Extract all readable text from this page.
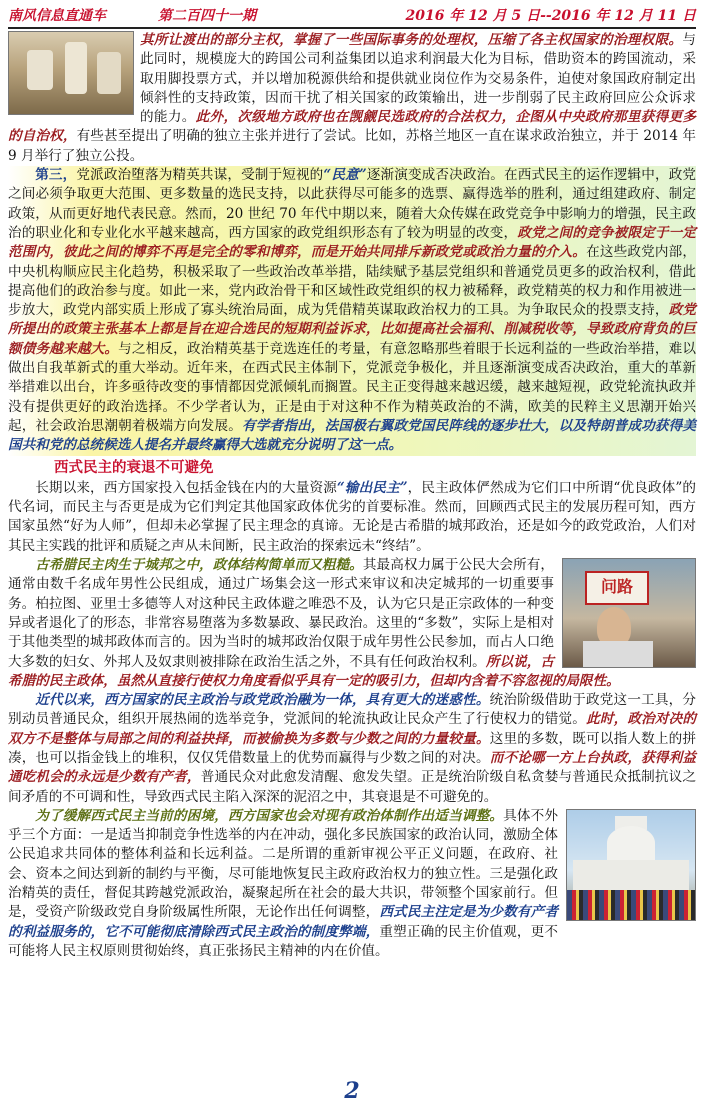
南风信息直通车	第二百四十一期	2016 年 12 月 5 日--2016 年 12 月 11 日

其所让渡出的部分主权，掌握了一些国际事务的处理权，压缩了各主权国家的治理权限。与此同时，规模庞大的跨国公司利益集团以追求利润最大化为目标，借助资本的跨国流动，采取用脚投票方式，并以增加税源供给和提供就业岗位作为交易条件，迫使对象国政府制定出倾斜性的支持政策，因而干扰了相关国家的政策输出，进一步削弱了民主政府回应公众诉求的能力。此外，次级地方政府也在觊觎民选政府的合法权力，企图从中央政府那里获得更多的自治权，有些甚至提出了明确的独立主张并进行了尝试。比如，苏格兰地区一直在谋求政治独立，并于 2014 年 9 月举行了独立公投。

第三，党派政治堕落为精英共谋，受制于短视的“民意”逐渐演变成否决政治。在西式民主的运作逻辑中，政党之间必须争取更大范围、更多数量的选民支持，以此获得尽可能多的选票、赢得选举的胜利，通过组建政府、制定政策，从而更好地代表民意。然而，20 世纪 70 年代中期以来，随着大众传媒在政党竞争中影响力的增强，民主政治的职业化和专业化水平越来越高，西方国家的政党组织形态有了较为明显的改变，政党之间的竞争被限定于一定范围内，彼此之间的博弈不再是完全的零和博弈，而是开始共同排斥新政党或政治力量的介入。在这些政党内部，中央机构顺应民主化趋势，积极采取了一些政治改革举措，陆续赋予基层党组织和普通党员更多的政治权利，借此提高他们的政治参与度。如此一来，党内政治骨干和区域性政党组织的权力被稀释，政党精英的权力和作用被进一步放大，政党内部实质上形成了寡头统治局面，成为凭借精英谋取政治权力的工具。为争取民众的投票支持，政党所提出的政策主张基本上都是旨在迎合选民的短期利益诉求，比如提高社会福利、削减税收等，导致政府背负的巨额债务越来越大。与之相反，政治精英基于竞选连任的考量，有意忽略那些着眼于长远利益的一些政治举措，难以做出自我革新式的重大举动。近年来，在西式民主体制下，党派竞争极化，并且逐渐演变成否决政治，重大的革新举措难以出台，许多亟待改变的事情都因党派倾轧而搁置。民主正变得越来越迟缓，越来越短视，政党轮流执政并没有提供更好的政治选择。不少学者认为，正是由于对这种不作为精英政治的不满，欧美的民粹主义思潮开始兴起，社会政治思潮朝着极端方向发展。有学者指出，法国极右翼政党国民阵线的逐步壮大，以及特朗普成功获得美国共和党的总统候选人提名并最终赢得大选就充分说明了这一点。

西式民主的衰退不可避免

长期以来，西方国家投入包括金钱在内的大量资源“输出民主”，民主政体俨然成为它们口中所谓“优良政体”的代名词，而民主与否更是成为它们判定其他国家政体优劣的首要标准。然而，回顾西式民主的发展历程可知，西方国家虽然“好为人师”，但却未必掌握了民主理念的真谛。无论是古希腊的城邦政治，还是如今的政党政治，人们对其民主实践的批评和质疑之声从未间断，民主政治的探索远未“终结”。

问路

古希腊民主肉生于城邦之中，政体结构简单而又粗糙。其最高权力属于公民大会所有，通常由数千名成年男性公民组成，通过广场集会这一形式来审议和决定城邦的一切重要事务。柏拉图、亚里士多德等人对这种民主政体避之唯恐不及，认为它只是正宗政体的一种变异或者退化了的形态，非常容易堕落为多数暴政、暴民政治。这里的“多数”，实际上是相对于其他类型的城邦政体而言的。因为当时的城邦政治仅限于成年男性公民参加，而占人口绝大多数的妇女、外邦人及奴隶则被排除在政治生活之外，不具有任何政治权利。所以说，古希腊的民主政体，虽然从直接行使权力角度看似乎具有一定的吸引力，但却内含着不容忽视的局限性。

近代以来，西方国家的民主政治与政党政治融为一体，具有更大的迷惑性。统治阶级借助于政党这一工具，分别动员普通民众，组织开展热闹的选举竞争，党派间的轮流执政让民众产生了行使权力的错觉。此时，政治对决的双方不是整体与局部之间的利益抉择，而被偷换为多数与少数之间的力量较量。这里的多数，既可以指人数上的拼凑，也可以指金钱上的堆积，仅仅凭借数量上的优势而赢得与少数之间的对决。而不论哪一方上台执政，获得利益通吃机会的永远是少数有产者，普通民众对此愈发清醒、愈发失望。正是统治阶级自私贪婪与普通民众抵制抗议之间矛盾的不可调和性，导致西式民主陷入深深的泥沼之中，其衰退是不可避免的。

为了缓解西式民主当前的困境，西方国家也会对现有政治体制作出适当调整。具体不外乎三个方面：一是适当抑制竞争性选举的内在冲动，强化多民族国家的政治认同，激励全体公民追求共同体的整体利益和长远利益。二是所谓的重新审视公平正义问题，在政府、社会、资本之间达到新的制约与平衡，尽可能地恢复民主政府政治权力的独立性。三是强化政治精英的责任，督促其跨越党派政治，凝聚起所在社会的最大共识，带领整个国家前行。但是，受资产阶级政党自身阶级属性所限，无论作出任何调整，西式民主注定是为少数有产者的利益服务的，它不可能彻底清除西式民主政治的制度弊端，重塑正确的民主价值观，更不可能将人民主权原则贯彻始终，真正张扬民主精神的内在价值。

2
